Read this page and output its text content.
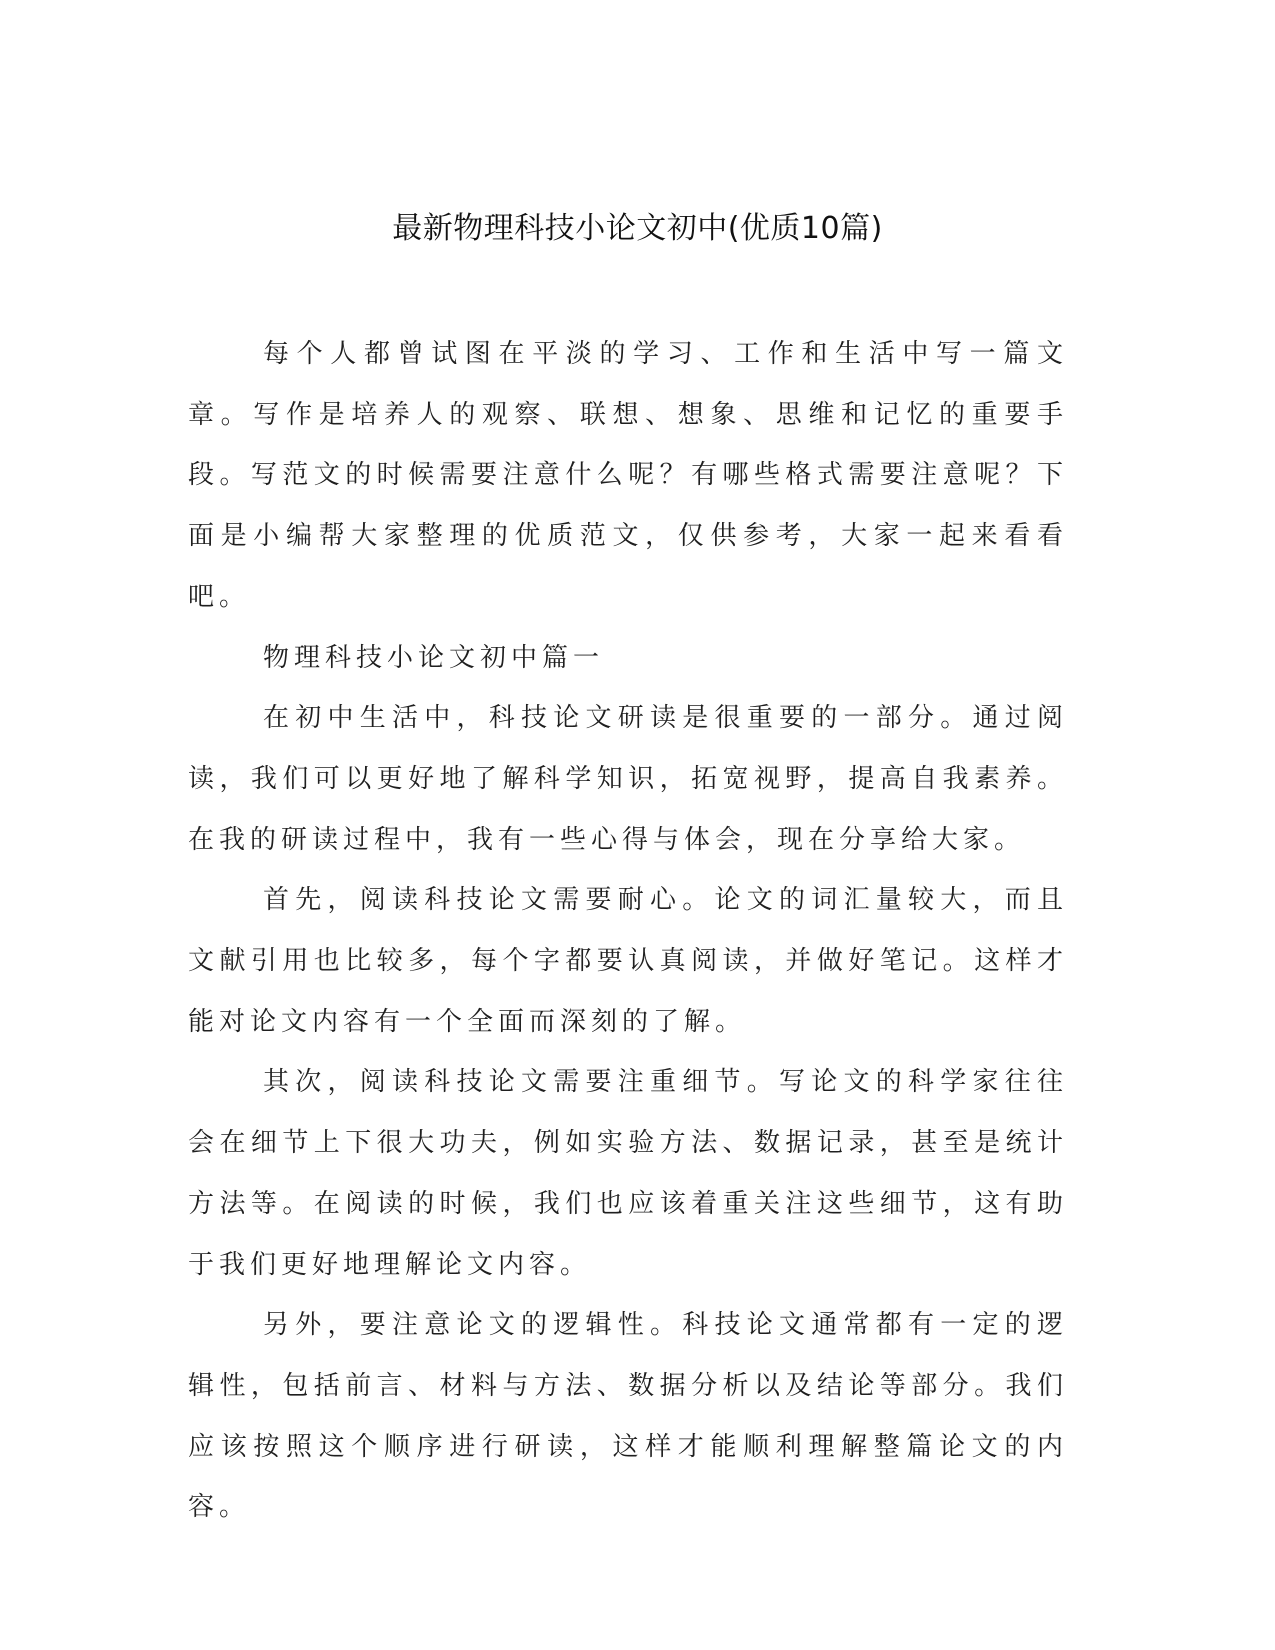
最新物理科技小论文初中(优质10篇)

每个人都曾试图在平淡的学习、工作和生活中写一篇文章。写作是培养人的观察、联想、想象、思维和记忆的重要手段。写范文的时候需要注意什么呢？有哪些格式需要注意呢？下面是小编帮大家整理的优质范文，仅供参考，大家一起来看看吧。

物理科技小论文初中篇一

在初中生活中，科技论文研读是很重要的一部分。通过阅读，我们可以更好地了解科学知识，拓宽视野，提高自我素养。在我的研读过程中，我有一些心得与体会，现在分享给大家。

首先，阅读科技论文需要耐心。论文的词汇量较大，而且文献引用也比较多，每个字都要认真阅读，并做好笔记。这样才能对论文内容有一个全面而深刻的了解。

其次，阅读科技论文需要注重细节。写论文的科学家往往会在细节上下很大功夫，例如实验方法、数据记录，甚至是统计方法等。在阅读的时候，我们也应该着重关注这些细节，这有助于我们更好地理解论文内容。

另外，要注意论文的逻辑性。科技论文通常都有一定的逻辑性，包括前言、材料与方法、数据分析以及结论等部分。我们应该按照这个顺序进行研读，这样才能顺利理解整篇论文的内容。
